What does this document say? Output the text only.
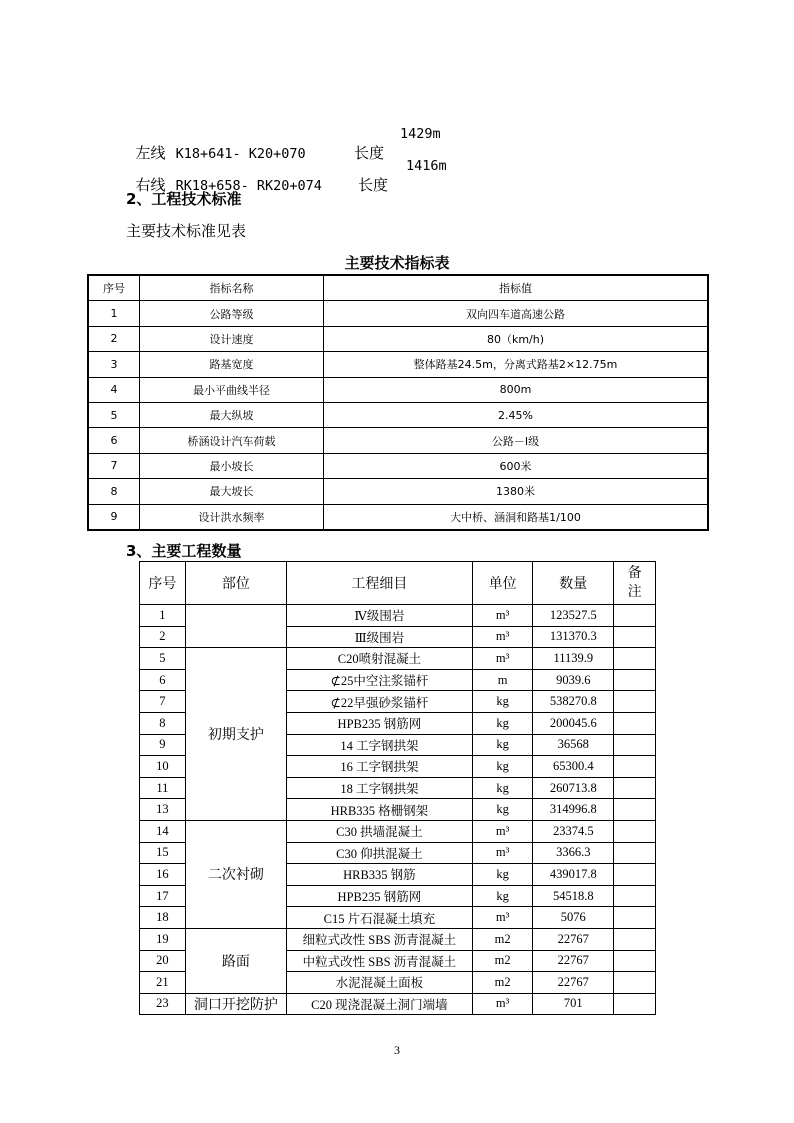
左线 K18+641- K20+070	长度
1429m

右线 RK18+658- RK20+074 长度
1416m

2、工程技术标准
主要技术标准见表
主要技术指标表
序号	指标名称	指标值
1	公路等级	双向四车道高速公路
2	设计速度	80（km/h)
3	路基宽度	整体路基24.5m，分离式路基2×12.75m
4	最小平曲线半径	800m
5	最大纵坡	2.45%
6	桥涵设计汽车荷载	公路－Ⅰ级
7	最小坡长	600米
8	最大坡长	1380米
9	设计洪水频率	大中桥、涵洞和路基1/100
3、主要工程数量
序号	部位	工程细目	单位	数量	备注
1		Ⅳ级围岩	m³	123527.5	
2		Ⅲ级围岩	m³	131370.3	
5	初期支护	C20喷射混凝土	m³	11139.9	
6		⊄25中空注浆锚杆	m	9039.6	
7		⊄22早强砂浆锚杆	kg	538270.8	
8		HPB235 钢筋网	kg	200045.6	
9		14 工字钢拱架	kg	36568	
10		16 工字钢拱架	kg	65300.4	
11		18 工字钢拱架	kg	260713.8	
13		HRB335 格栅钢架	kg	314996.8	
14	二次衬砌	C30 拱墙混凝土	m³	23374.5	
15		C30 仰拱混凝土	m³	3366.3	
16		HRB335 钢筋	kg	439017.8	
17		HPB235 钢筋网	kg	54518.8	
18		C15 片石混凝土填充	m³	5076	
19	路面	细粒式改性 SBS 沥青混凝土	m2	22767	
20		中粒式改性 SBS 沥青混凝土	m2	22767	
21		水泥混凝土面板	m2	22767	
23	洞口开挖防护	C20 现浇混凝土洞门端墙	m³	701	
3
